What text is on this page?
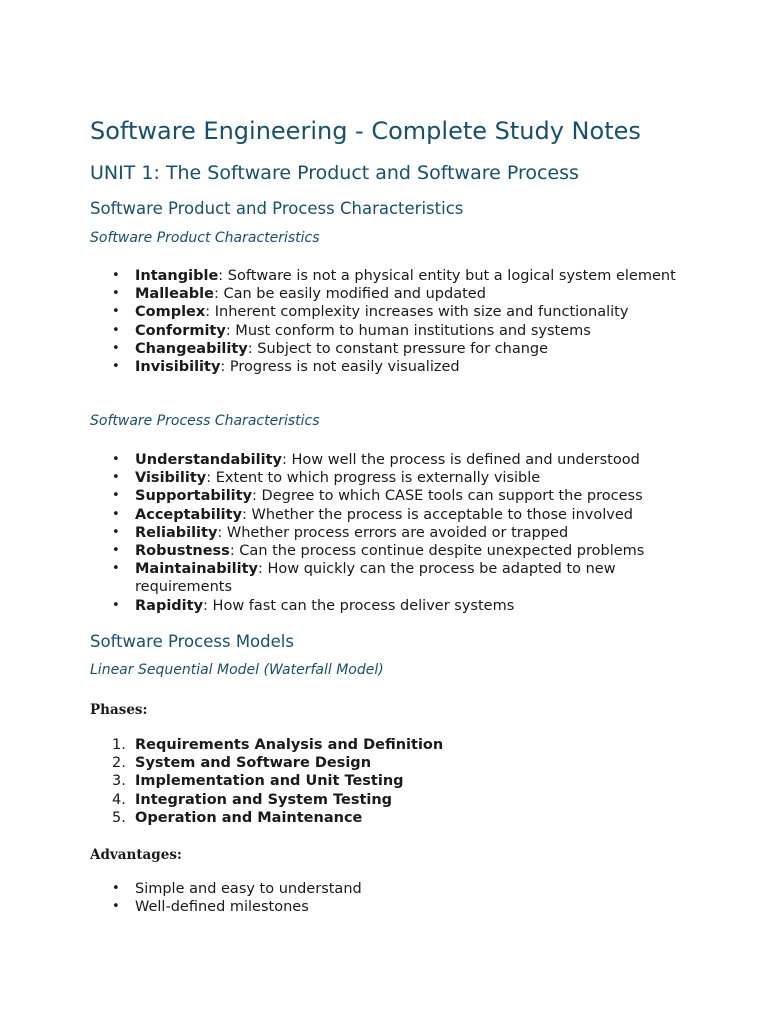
Software Engineering - Complete Study Notes
UNIT 1: The Software Product and Software Process
Software Product and Process Characteristics
Software Product Characteristics
• Intangible: Software is not a physical entity but a logical system element
• Malleable: Can be easily modified and updated
• Complex: Inherent complexity increases with size and functionality
• Conformity: Must conform to human institutions and systems
• Changeability: Subject to constant pressure for change
• Invisibility: Progress is not easily visualized
Software Process Characteristics
• Understandability: How well the process is defined and understood
• Visibility: Extent to which progress is externally visible
• Supportability: Degree to which CASE tools can support the process
• Acceptability: Whether the process is acceptable to those involved
• Reliability: Whether process errors are avoided or trapped
• Robustness: Can the process continue despite unexpected problems
• Maintainability: How quickly can the process be adapted to new requirements
• Rapidity: How fast can the process deliver systems
Software Process Models
Linear Sequential Model (Waterfall Model)

Phases:

1. Requirements Analysis and Definition
2. System and Software Design
3. Implementation and Unit Testing
4. Integration and System Testing
5. Operation and Maintenance

Advantages:

• Simple and easy to understand
• Well-defined milestones
